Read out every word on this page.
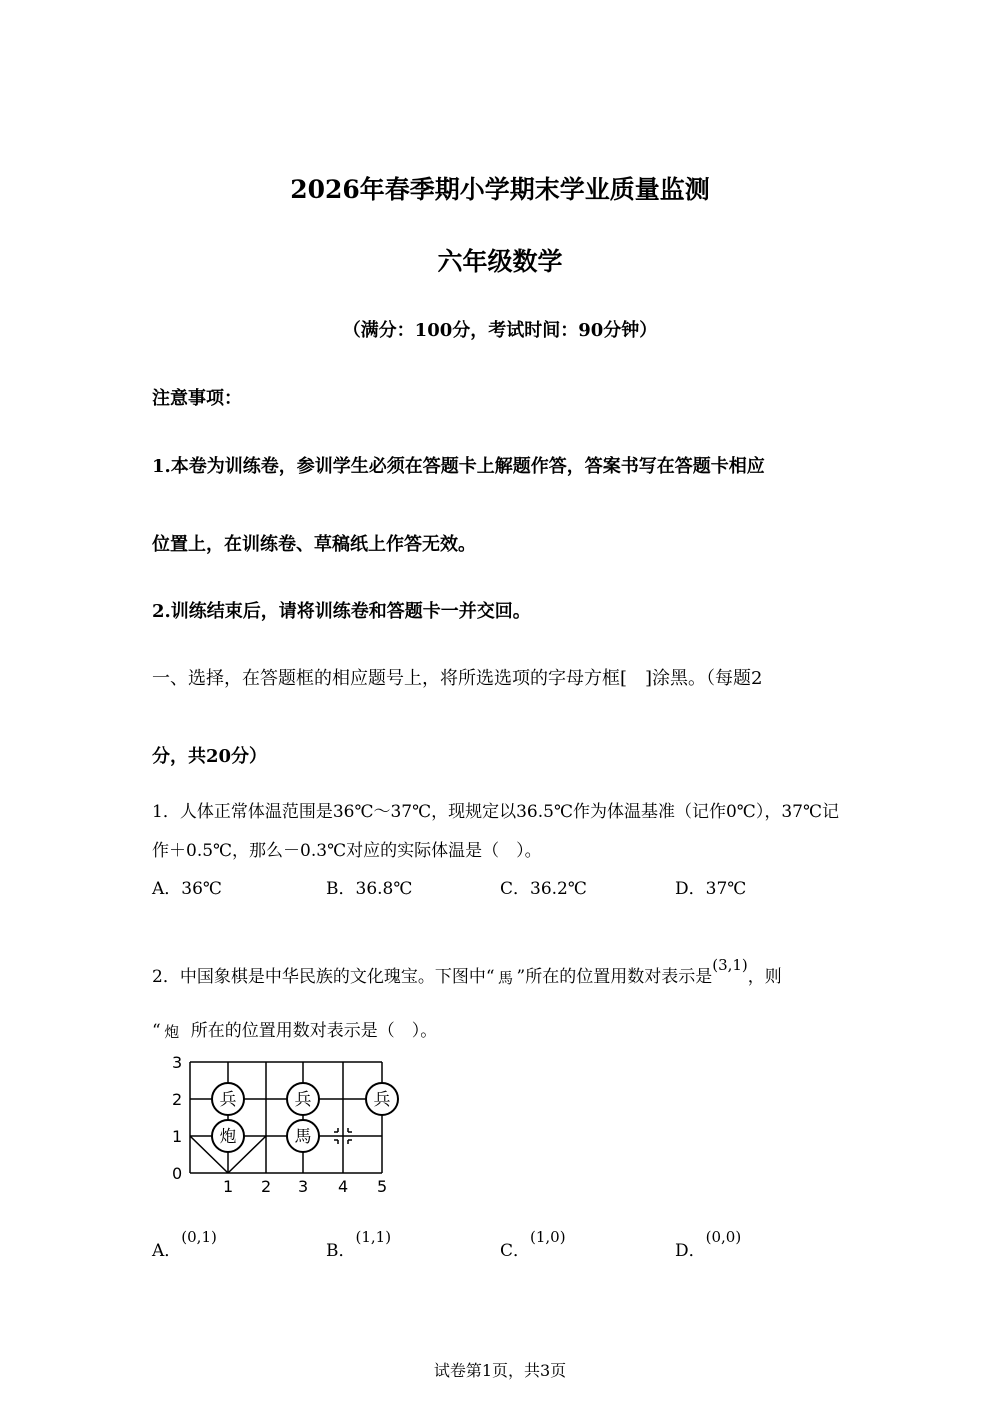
2026年春季期小学期末学业质量监测
六年级数学
（满分：100分，考试时间：90分钟）
注意事项：
1.本卷为训练卷，参训学生必须在答题卡上解题作答，答案书写在答题卡相应
位置上，在训练卷、草稿纸上作答无效。
2.训练结束后，请将训练卷和答题卡一并交回。
一、选择，在答题框的相应题号上，将所选选项的字母方框[　]涂黑。（每题2
分，共20分）
1．人体正常体温范围是36℃～37℃，现规定以36.5℃作为体温基准（记作0℃），37℃记
作＋0.5℃，那么－0.3℃对应的实际体温是（　）。
A．36℃	B．36.8℃	C．36.2℃	D．37℃
2．中国象棋是中华民族的文化瑰宝。下图中“ 馬 ”所在的位置用数对表示是(3,1)，则
“ 炮 所在的位置用数对表示是（　）。
3
2
1
0
1 2 3 4 5
兵	兵	兵
炮	馬
A．(0,1)
B．(1,1)
C．(1,0)
D．(0,0)
试卷第1页，共3页
